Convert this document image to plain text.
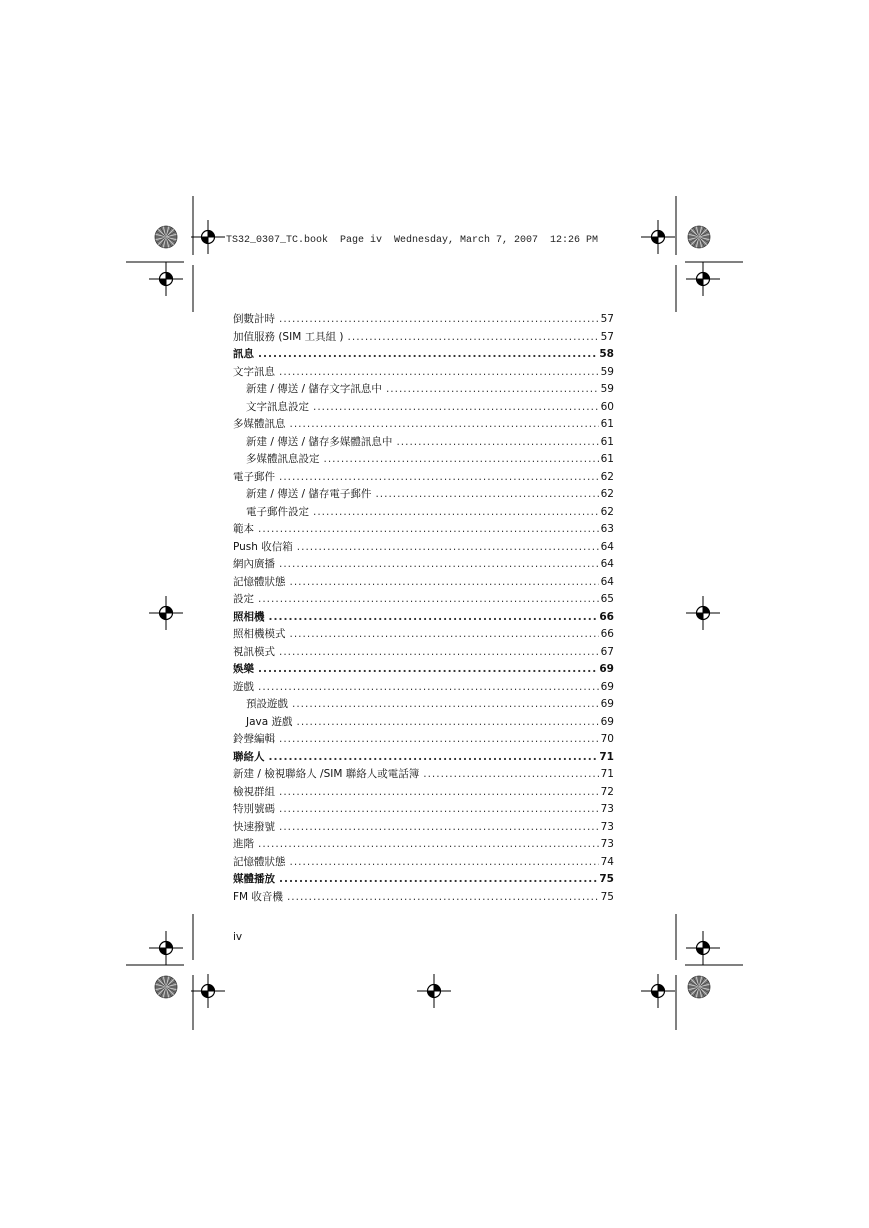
TS32_0307_TC.book  Page iv  Wednesday, March 7, 2007  12:26 PM
倒數計時 .....	57
加值服務 (SIM 工具組 ) .....	57
訊息 .....	58
文字訊息 .....	59
新建 / 傳送 / 儲存文字訊息中 .....	59
文字訊息設定 .....	60
多媒體訊息 .....	61
新建 / 傳送 / 儲存多媒體訊息中 .....	61
多媒體訊息設定 .....	61
電子郵件 .....	62
新建 / 傳送 / 儲存電子郵件 .....	62
電子郵件設定 .....	62
範本 .....	63
Push 收信箱 .....	64
網內廣播 .....	64
記憶體狀態 .....	64
設定 .....	65
照相機 .....	66
照相機模式 .....	66
視訊模式 .....	67
娛樂 .....	69
遊戲 .....	69
預設遊戲 .....	69
Java 遊戲 .....	69
鈴聲編輯 .....	70
聯絡人 .....	71
新建 / 檢視聯絡人 /SIM 聯絡人或電話簿 .....	71
檢視群組 .....	72
特別號碼 .....	73
快速撥號 .....	73
進階 .....	73
記憶體狀態 .....	74
媒體播放 .....	75
FM 收音機 .....	75
iv
